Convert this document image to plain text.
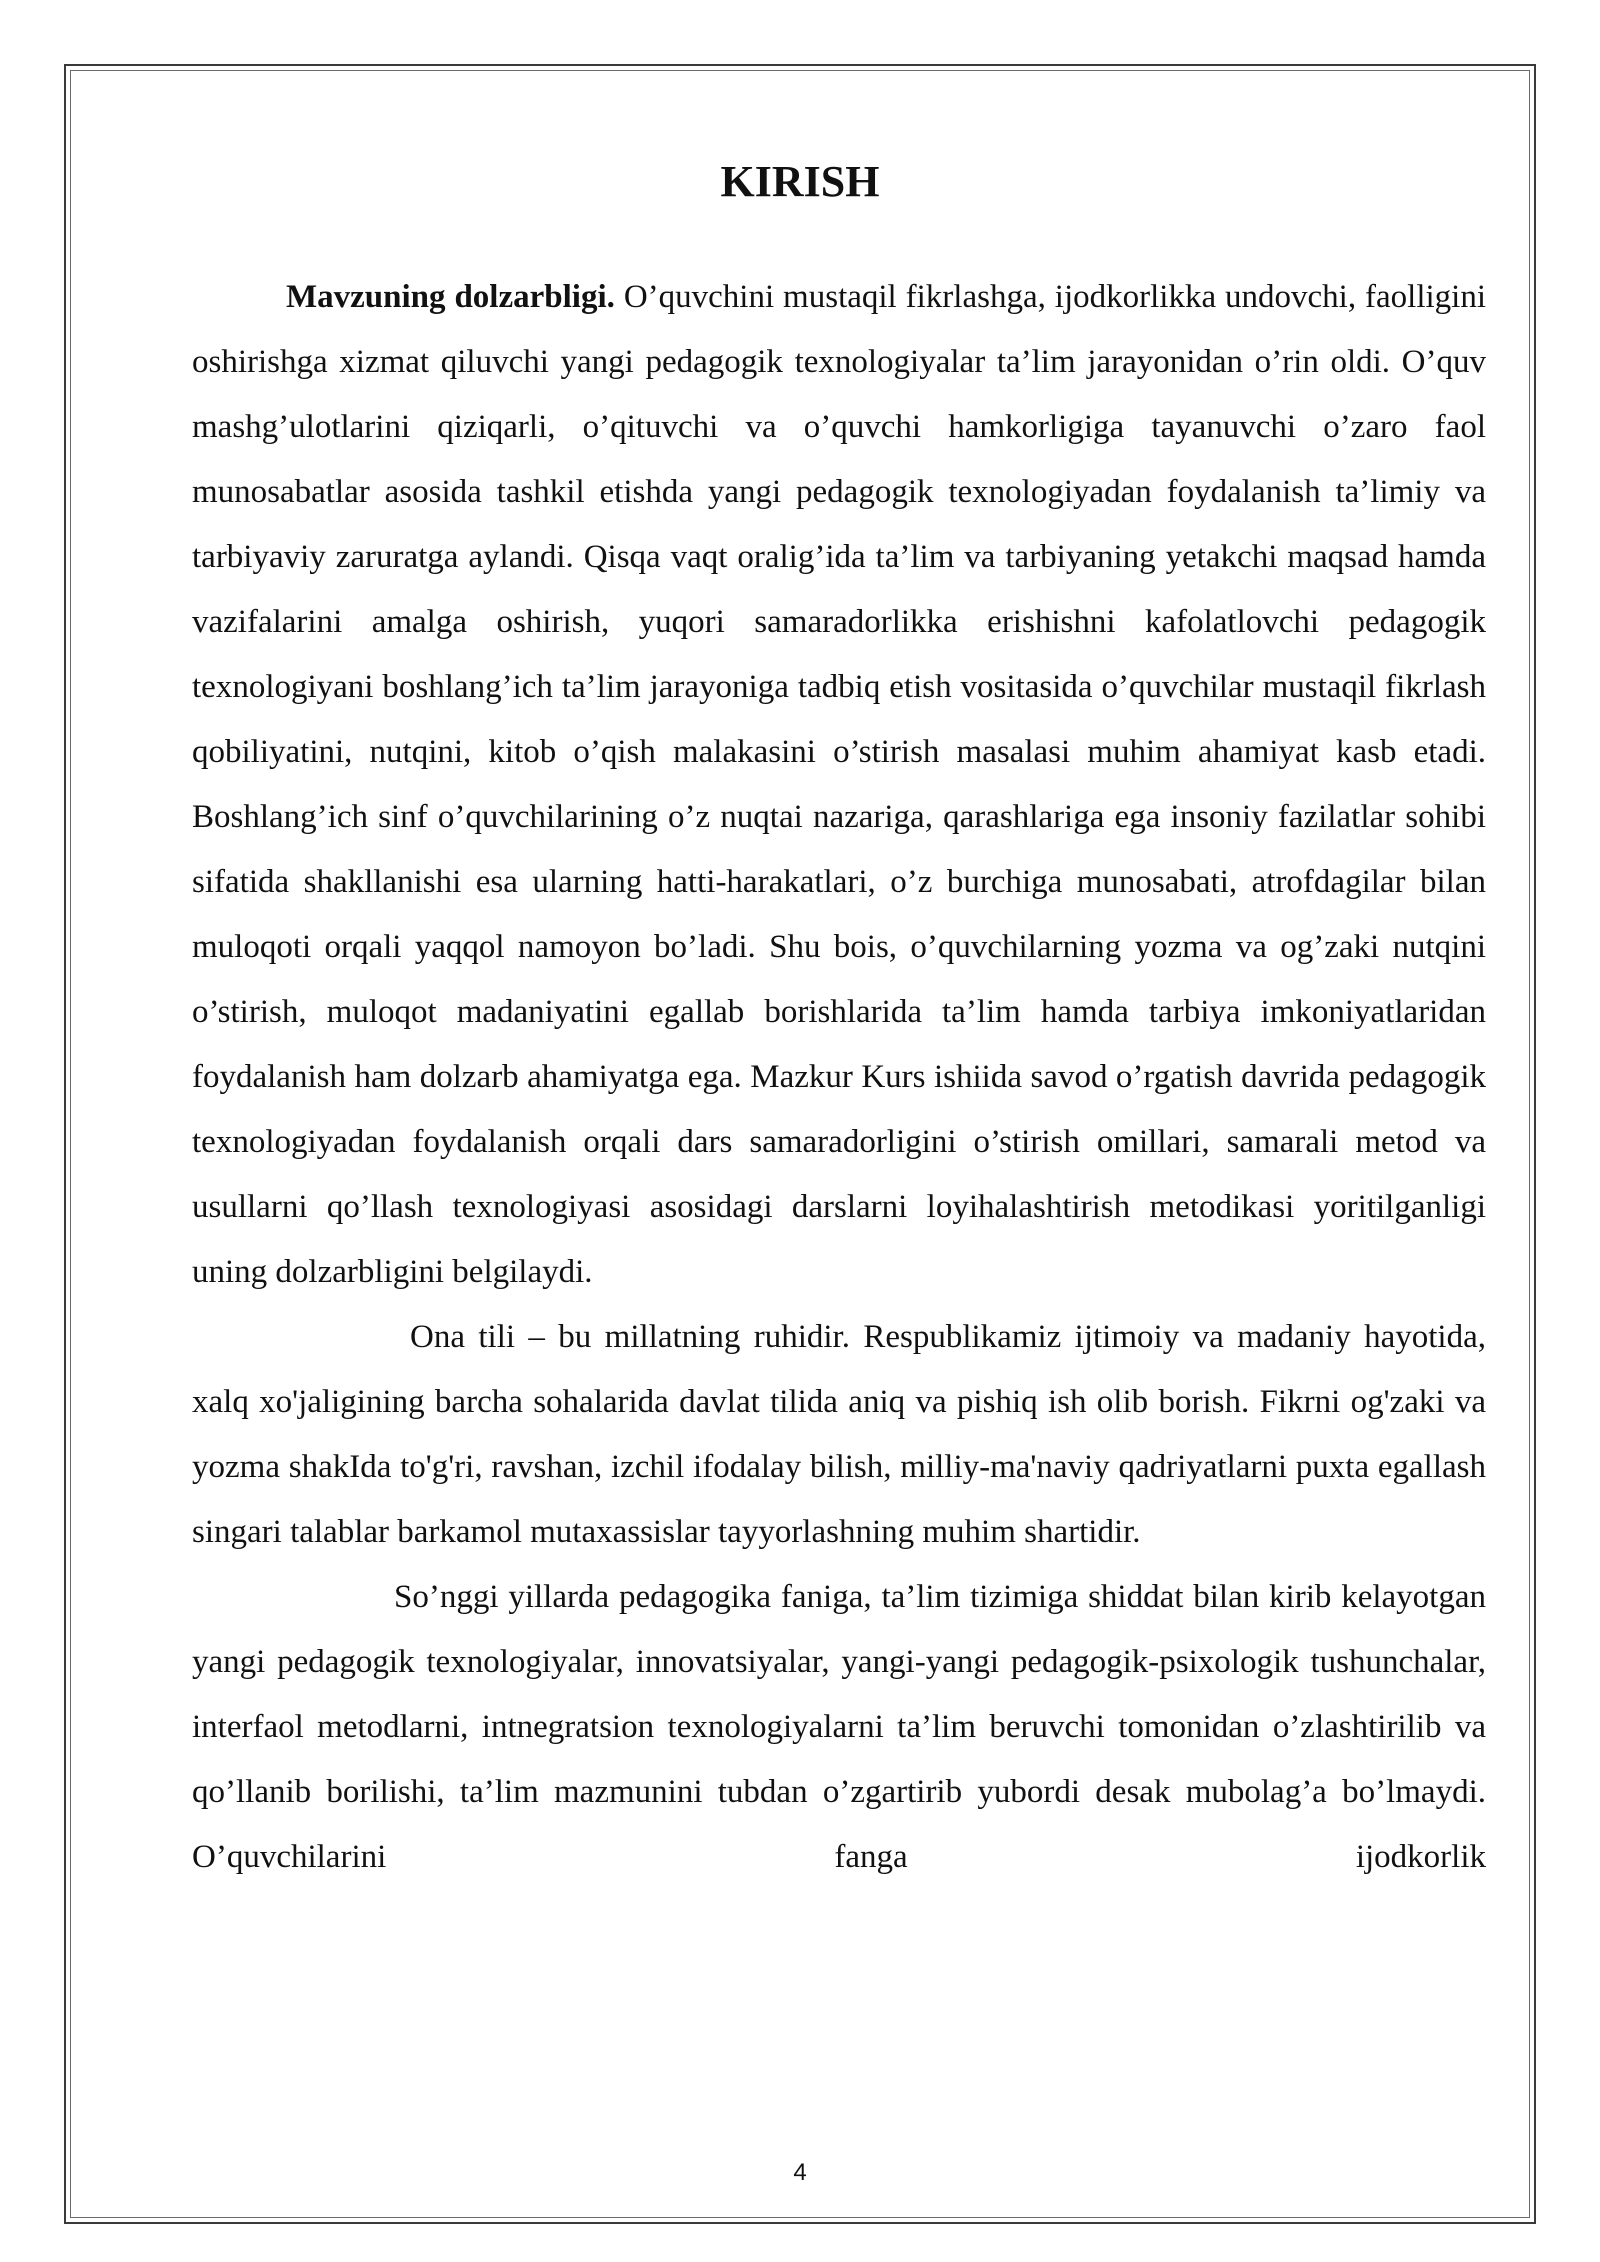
KIRISH

Mavzuning dolzarbligi. O’quvchini mustaqil fikrlashga, ijodkorlikka undovchi, faolligini oshirishga xizmat qiluvchi yangi pedagogik texnologiyalar ta’lim jarayonidan o’rin oldi. O’quv mashg’ulotlarini qiziqarli, o’qituvchi va o’quvchi hamkorligiga tayanuvchi o’zaro faol munosabatlar asosida tashkil etishda yangi pedagogik texnologiyadan foydalanish ta’limiy va tarbiyaviy zaruratga aylandi. Qisqa vaqt oralig’ida ta’lim va tarbiyaning yetakchi maqsad hamda vazifalarini amalga oshirish, yuqori samaradorlikka erishishni kafolatlovchi pedagogik texnologiyani boshlang’ich ta’lim jarayoniga tadbiq etish vositasida o’quvchilar mustaqil fikrlash qobiliyatini, nutqini, kitob o’qish malakasini o’stirish masalasi muhim ahamiyat kasb etadi. Boshlang’ich sinf o’quvchilarining o’z nuqtai nazariga, qarashlariga ega insoniy fazilatlar sohibi sifatida shakllanishi esa ularning hatti-harakatlari, o’z burchiga munosabati, atrofdagilar bilan muloqoti orqali yaqqol namoyon bo’ladi. Shu bois, o’quvchilarning yozma va og’zaki nutqini o’stirish, muloqot madaniyatini egallab borishlarida ta’lim hamda tarbiya imkoniyatlaridan foydalanish ham dolzarb ahamiyatga ega. Mazkur Kurs ishiida savod o’rgatish davrida pedagogik texnologiyadan foydalanish orqali dars samaradorligini o’stirish omillari, samarali metod va usullarni qo’llash texnologiyasi asosidagi darslarni loyihalashtirish metodikasi yoritilganligi uning dolzarbligini belgilaydi.

Ona tili – bu millatning ruhidir. Respublikamiz ijtimoiy va madaniy hayotida, xalq xo'jaligining barcha sohalarida davlat tilida aniq va pishiq ish olib borish. Fikrni og'zaki va yozma shakIda to'g'ri, ravshan, izchil ifodalay bilish, milliy-ma'naviy qadriyatlarni puxta egallash singari talablar barkamol mutaxassislar tayyorlashning muhim shartidir.

So’nggi yillarda pedagogika faniga, ta’lim tizimiga shiddat bilan kirib kelayotgan yangi pedagogik texnologiyalar, innovatsiyalar, yangi-yangi pedagogik-psixologik tushunchalar, interfaol metodlarni, intnegratsion texnologiyalarni ta’lim beruvchi tomonidan o’zlashtirilib va qo’llanib borilishi, ta’lim mazmunini tubdan o’zgartirib yubordi desak mubolag’a bo’lmaydi. O’quvchilarini fanga ijodkorlik

4
